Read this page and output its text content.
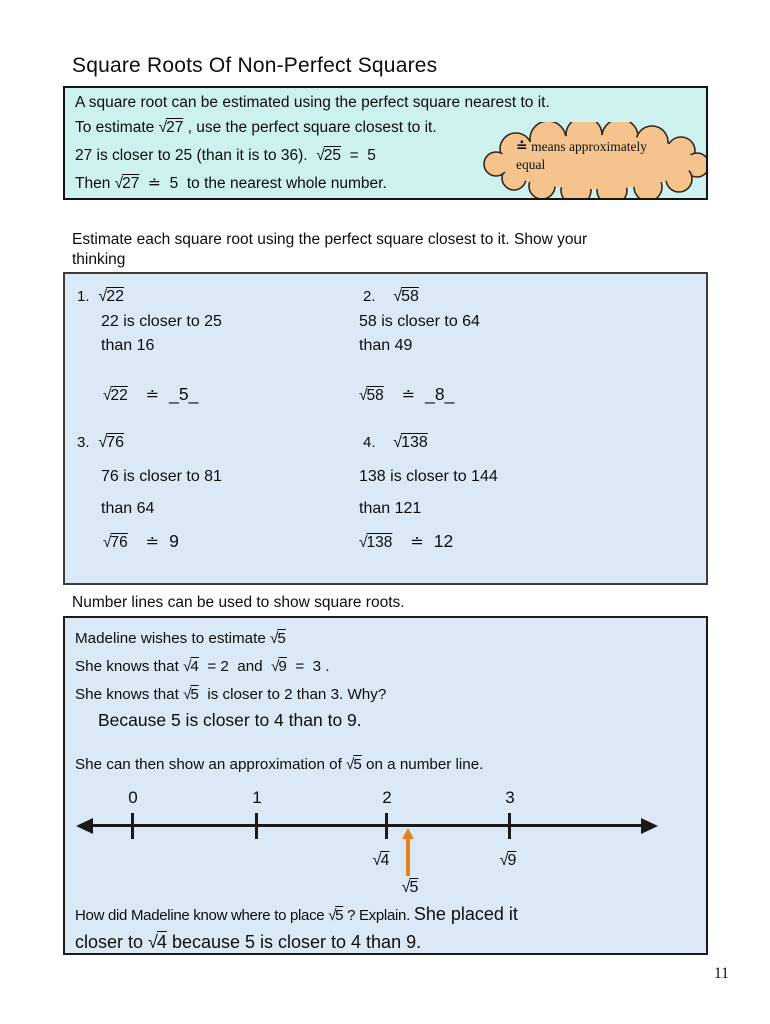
Square Roots Of Non-Perfect Squares
A square root can be estimated using the perfect square nearest to it.
To estimate √ 27 , use the perfect square closest to it.
27 is closer to 25 (than it is to 36).  √ 25  =  5
Then √ 27 ≐  5  to the nearest whole number.
≐ means approximately equal
Estimate each square root using the perfect square closest to it. Show your
thinking
1. √ 22
22 is closer to 25
than 16
√ 22 ≐ _5_
2. √ 58
58 is closer to 64
than 49
√ 58 ≐ _8_
3. √ 76
76 is closer to 81
than 64
√ 76 ≐ 9
4. √ 138
138 is closer to 144
than 121
√ 138 ≐ 12
Number lines can be used to show square roots.
Madeline wishes to estimate √ 5
She knows that √ 4  = 2  and  √ 9  =  3 .
She knows that √ 5  is closer to 2 than 3. Why?
Because 5 is closer to 4 than to 9.
She can then show an approximation of √ 5 on a number line.
0	1	2	3
√ 4	√ 9
√ 5
How did Madeline know where to place √ 5 ? Explain. She placed it
closer to √ 4 because 5 is closer to 4 than 9.
11
